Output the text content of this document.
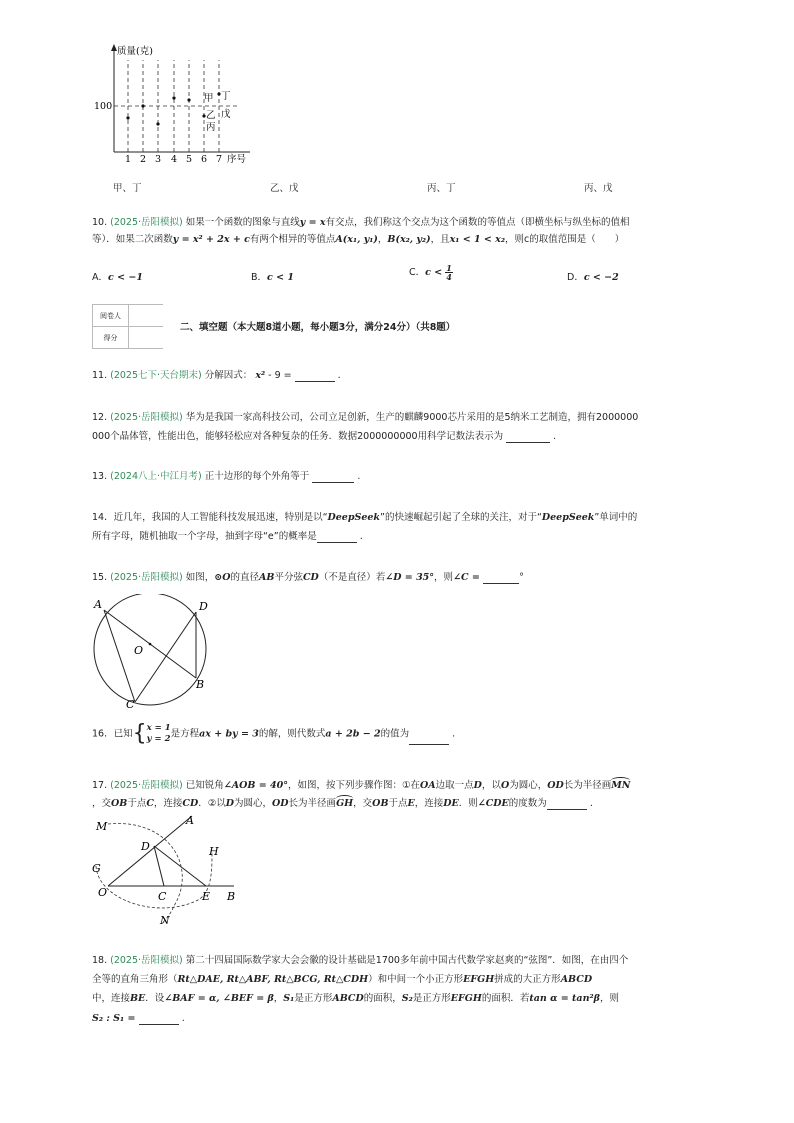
质量(克)
100
序号
1 2 3 4 5 6 7
甲 丁
乙 戊
丙
甲、丁	乙、戊	丙、丁	丙、戊
10. (2025·岳阳模拟) 如果一个函数的图象与直线y = x有交点，我们称这个交点为这个函数的等值点（即横坐标与纵坐标的值相
等）．如果二次函数y = x² + 2x + c有两个相异的等值点A(x₁, y₁)，B(x₂, y₂)，且x₁ < 1 < x₂，则c的取值范围是（　　）
A．c < −1	B．c < 1	C．$c < \frac{1}{4}$	D．c < −2
阅卷人	
得分	
二、填空题（本大题8道小题，每小题3分，满分24分）（共8题）
11. (2025七下·天台期末) 分解因式： x² - 9 =	.
12. (2025·岳阳模拟) 华为是我国一家高科技公司，公司立足创新，生产的麒麟9000芯片采用的是5纳米工艺制造，拥有2000000
000个晶体管，性能出色，能够轻松应对各种复杂的任务．数据2000000000用科学记数法表示为	.
13. (2024八上·中江月考) 正十边形的每个外角等于	.
14．近几年，我国的人工智能科技发展迅速，特别是以“DeepSeek”的快速崛起引起了全球的关注，对于“DeepSeek”单词中的
所有字母，随机抽取一个字母，抽到字母“e”的概率是	.
15. (2025·岳阳模拟) 如图，⊙O的直径AB平分弦CD（不是直径）若∠D = 35°，则∠C =	°
A	D
O
B
C
16．已知{ x = 1
y = 2 是方程ax + by = 3的解，则代数式a + 2b − 2的值为	.
17. (2025·岳阳模拟) 已知锐角∠AOB = 40°，如图，按下列步骤作图：①在OA边取一点D，以O为圆心，OD长为半径画MN
，交OB于点C，连接CD．②以D为圆心，OD长为半径画GH，交OB于点E，连接DE．则∠CDE的度数为	.
M	A
D	H
G
O	C	E B
N
18. (2025·岳阳模拟) 第二十四届国际数学家大会会徽的设计基础是1700多年前中国古代数学家赵爽的“弦图”．如图，在由四个
全等的直角三角形（Rt△DAE, Rt△ABF, Rt△BCG, Rt△CDH）和中间一个小正方形EFGH拼成的大正方形ABCD
中，连接BE．设∠BAF = α, ∠BEF = β，S₁是正方形ABCD的面积，S₂是正方形EFGH的面积．若tan α = tan²β，则
S₂ : S₁ =	.
